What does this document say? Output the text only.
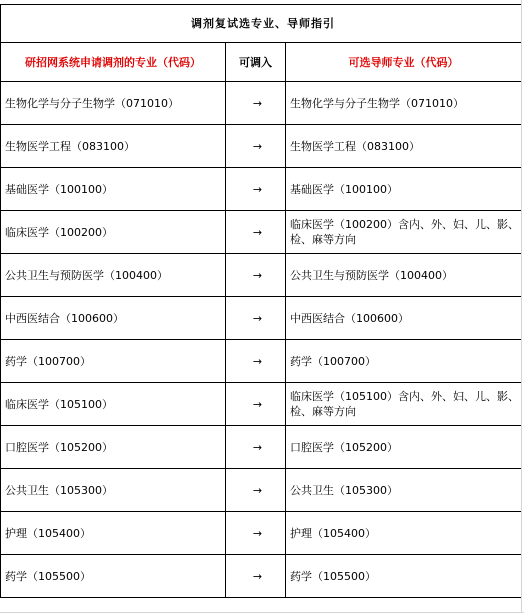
调剂复试选专业、导师指引		
研招网系统申请调剂的专业（代码）	可调入	可选导师专业（代码）
生物化学与分子生物学（071010）	→	生物化学与分子生物学（071010）
生物医学工程（083100）	→	生物医学工程（083100）
基础医学（100100）	→	基础医学（100100）
临床医学（100200）	→	临床医学（100200）含内、外、妇、儿、影、检、麻等方向
公共卫生与预防医学（100400）	→	公共卫生与预防医学（100400）
中西医结合（100600）	→	中西医结合（100600）
药学（100700）	→	药学（100700）
临床医学（105100）	→	临床医学（105100）含内、外、妇、儿、影、检、麻等方向
口腔医学（105200）	→	口腔医学（105200）
公共卫生（105300）	→	公共卫生（105300）
护理（105400）	→	护理（105400）
药学（105500）	→	药学（105500）
